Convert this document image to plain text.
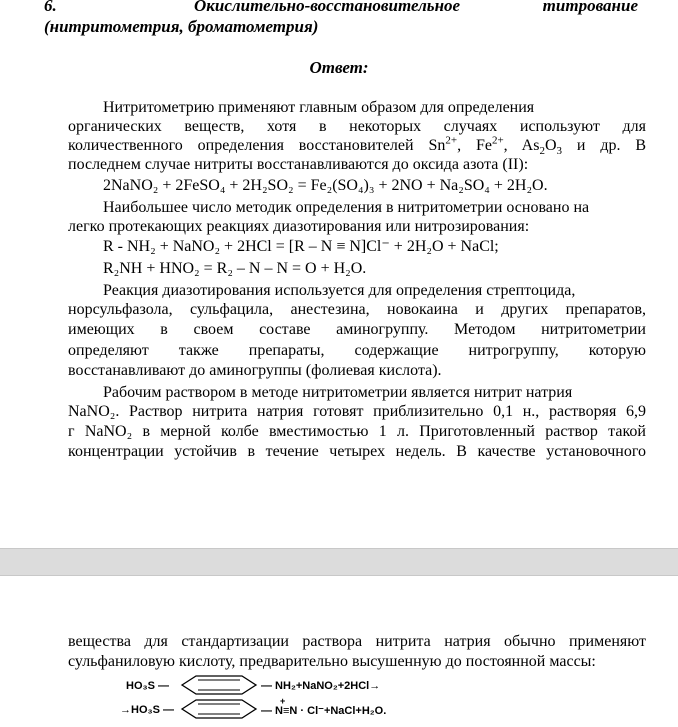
6.	Окислительно-восстановительное	титрование
(нитритометрия, броматометрия)
Ответ:
Нитритометрию применяют главным образом для определения
органических веществ, хотя в некоторых случаях используют для
количественного определения восстановителей $Sn^{2+}$, $Fe^{2+}$, $As_2O_3$ и др. В
последнем случае нитриты восстанавливаются до оксида азота (II):
2NaNO₂ + 2FeSO₄ + 2H₂SO₂ = Fe₂(SO₄)₃ + 2NO + Na₂SO₄ + 2H₂O.
Наибольшее число методик определения в нитритометрии основано на
легко протекающих реакциях диазотирования или нитрозирования:
R - NH₂ + NaNO₂ + 2HCl = [R – N ≡ N]Cl⁻ + 2H₂O + NaCl;
R₂NH + HNO₂ = R₂ – N – N = O + H₂O.
Реакция диазотирования используется для определения стрептоцида,
норсульфазола, сульфацила, анестезина, новокаина и других препаратов,
имеющих в своем составе аминогруппу. Методом нитритометрии
определяют также препараты, содержащие нитрогруппу, которую
восстанавливают до аминогруппы (фолиевая кислота).
Рабочим раствором в методе нитритометрии является нитрит натрия
NaNO₂. Раствор нитрита натрия готовят приблизительно 0,1 н., растворяя 6,9
г NaNO₂ в мерной колбе вместимостью 1 л. Приготовленный раствор такой
концентрации устойчив в течение четырех недель. В качестве установочного
вещества для стандартизации раствора нитрита натрия обычно применяют
сульфаниловую кислоту, предварительно высушенную до постоянной массы:
HO₃S —	— NH₂+NaNO₂+2HCl→
→HO₃S —
+
— N≡N · Cl⁻+NaCl+H₂O.
